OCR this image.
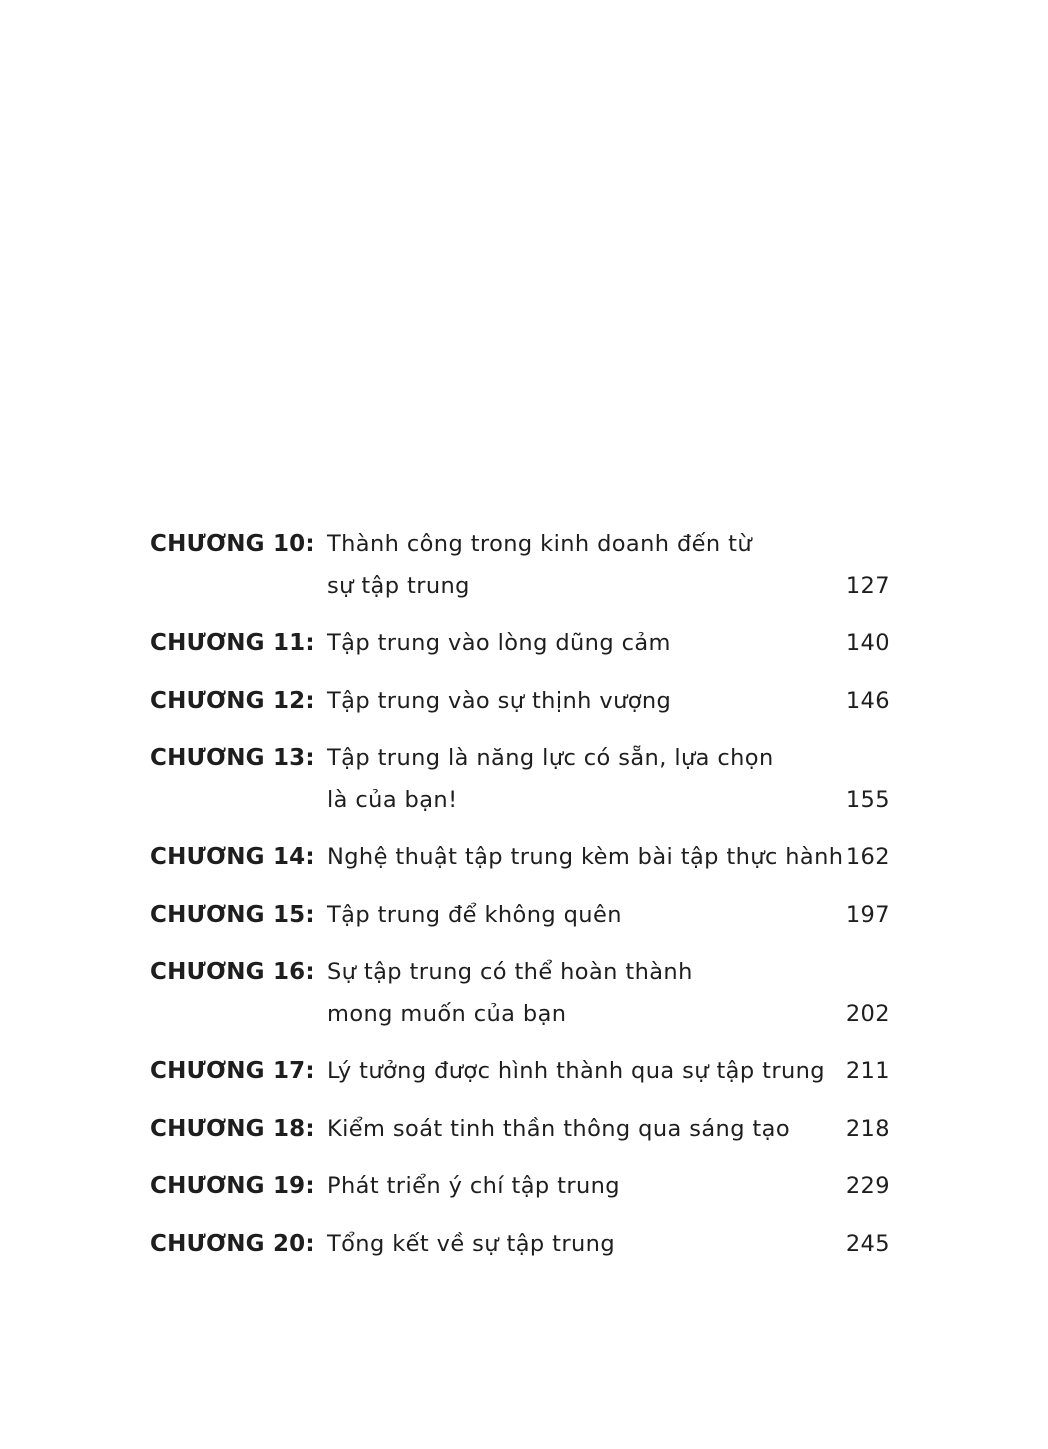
CHƯƠNG 10: Thành công trong kinh doanh đến từ
sự tập trung	127
CHƯƠNG 11: Tập trung vào lòng dũng cảm	140
CHƯƠNG 12: Tập trung vào sự thịnh vượng	146
CHƯƠNG 13: Tập trung là năng lực có sẵn, lựa chọn
là của bạn!	155
CHƯƠNG 14: Nghệ thuật tập trung kèm bài tập thực hành 162
CHƯƠNG 15: Tập trung để không quên	197
CHƯƠNG 16: Sự tập trung có thể hoàn thành
mong muốn của bạn	202
CHƯƠNG 17: Lý tưởng được hình thành qua sự tập trung 211
CHƯƠNG 18: Kiểm soát tinh thần thông qua sáng tạo 218
CHƯƠNG 19: Phát triển ý chí tập trung	229
CHƯƠNG 20: Tổng kết về sự tập trung	245
